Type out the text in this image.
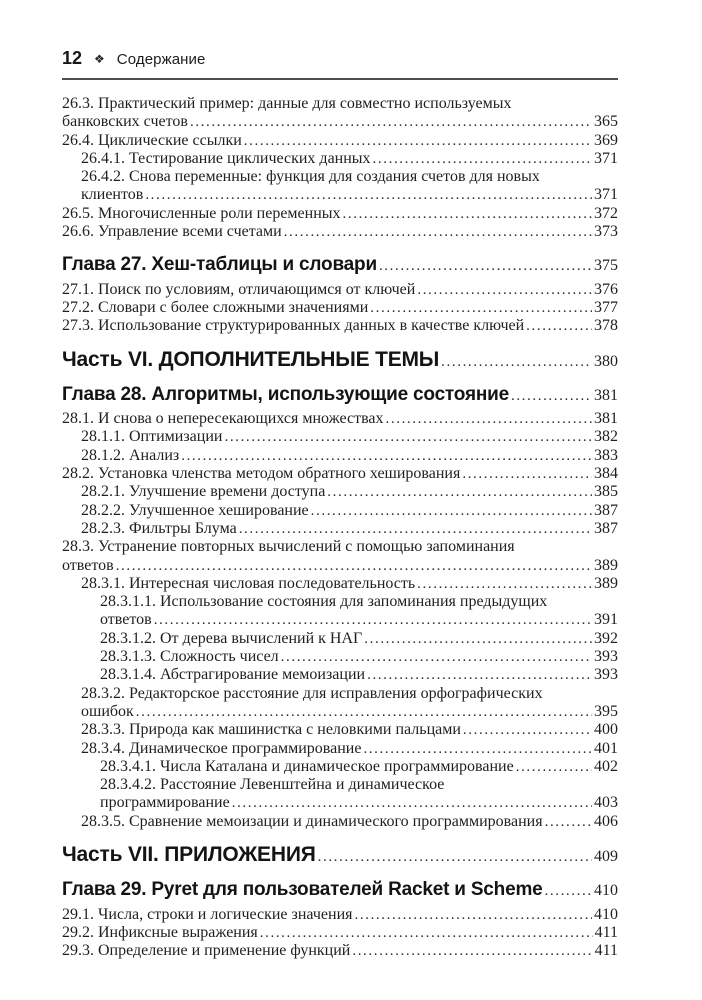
12 ❖ Содержание
26.3. Практический пример: данные для совместно используемых
банковских счетов .....	365
26.4. Циклические ссылки .....	369
26.4.1. Тестирование циклических данных .....	371
26.4.2. Снова переменные: функция для создания счетов для новых
клиентов .....	371
26.5. Многочисленные роли переменных .....	372
26.6. Управление всеми счетами .....	373
Глава 27. Хеш-таблицы и словари .....	375
27.1. Поиск по условиям, отличающимся от ключей .....	376
27.2. Словари с более сложными значениями .....	377
27.3. Использование структурированных данных в качестве ключей .....	378
Часть VI. ДОПОЛНИТЕЛЬНЫЕ ТЕМЫ .....	380
Глава 28. Алгоритмы, использующие состояние .....	381
28.1. И снова о непересекающихся множествах .....	381
28.1.1. Оптимизации .....	382
28.1.2. Анализ .....	383
28.2. Установка членства методом обратного хеширования .....	384
28.2.1. Улучшение времени доступа .....	385
28.2.2. Улучшенное хеширование .....	387
28.2.3. Фильтры Блума .....	387
28.3. Устранение повторных вычислений с помощью запоминания
ответов .....	389
28.3.1. Интересная числовая последовательность .....	389
28.3.1.1. Использование состояния для запоминания предыдущих
ответов .....	391
28.3.1.2. От дерева вычислений к НАГ .....	392
28.3.1.3. Сложность чисел .....	393
28.3.1.4. Абстрагирование мемоизации .....	393
28.3.2. Редакторское расстояние для исправления орфографических
ошибок .....	395
28.3.3. Природа как машинистка с неловкими пальцами .....	400
28.3.4. Динамическое программирование .....	401
28.3.4.1. Числа Каталана и динамическое программирование .....	402
28.3.4.2. Расстояние Левенштейна и динамическое
программирование .....	403
28.3.5. Сравнение мемоизации и динамического программирования .....	406
Часть VII. ПРИЛОЖЕНИЯ .....	409
Глава 29. Pyret для пользователей Racket и Scheme .....	410
29.1. Числа, строки и логические значения .....	410
29.2. Инфиксные выражения .....	411
29.3. Определение и применение функций .....	411
